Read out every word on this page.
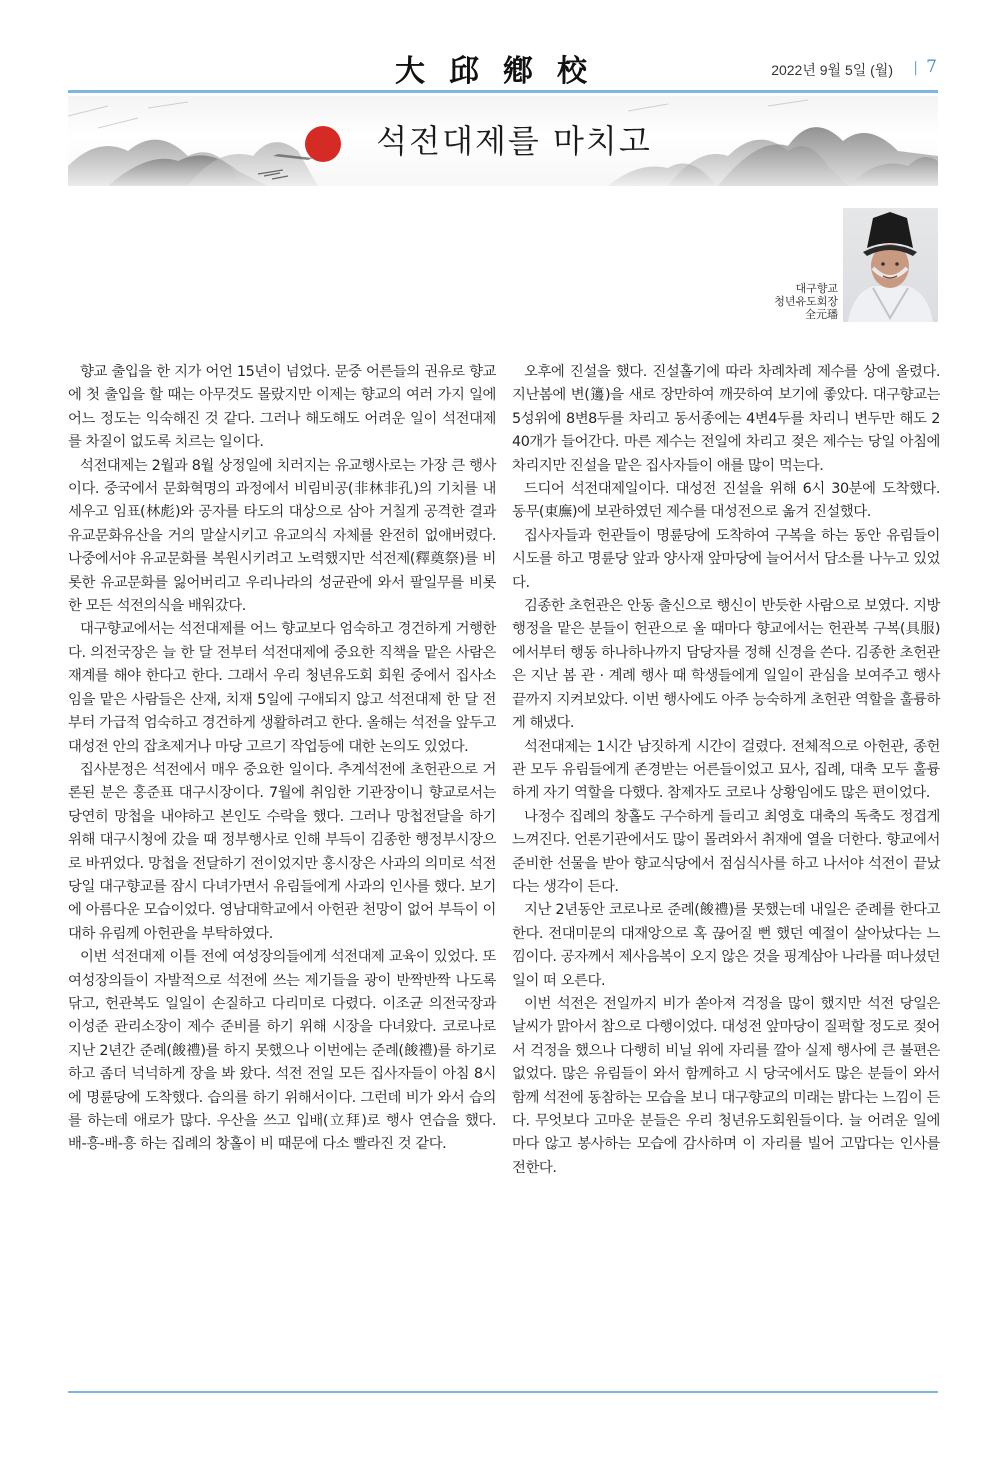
大邱鄕校	2022년 9월 5일 (월) | 7
석전대제를 마치고
대구향교
청년유도회장
全元璠

향교 출입을 한 지가 어언 15년이 넘었다. 문중 어른들의 권유로 향교에 첫 출입을 할 때는 아무것도 몰랐지만 이제는 향교의 여러 가지 일에 어느 정도는 익숙해진 것 같다. 그러나 해도해도 어려운 일이 석전대제를 차질이 없도록 치르는 일이다.

석전대제는 2월과 8월 상정일에 치러지는 유교행사로는 가장 큰 행사이다. 중국에서 문화혁명의 과정에서 비림비공(非林非孔)의 기치를 내세우고 임표(林彪)와 공자를 타도의 대상으로 삼아 거칠게 공격한 결과 유교문화유산을 거의 말살시키고 유교의식 자체를 완전히 없애버렸다. 나중에서야 유교문화를 복원시키려고 노력했지만 석전제(釋奠祭)를 비롯한 유교문화를 잃어버리고 우리나라의 성균관에 와서 팔일무를 비롯한 모든 석전의식을 배워갔다.

대구향교에서는 석전대제를 어느 향교보다 엄숙하고 경건하게 거행한다. 의전국장은 늘 한 달 전부터 석전대제에 중요한 직책을 맡은 사람은 재계를 해야 한다고 한다. 그래서 우리 청년유도회 회원 중에서 집사소임을 맡은 사람들은 산재, 치재 5일에 구애되지 않고 석전대제 한 달 전부터 가급적 엄숙하고 경건하게 생활하려고 한다. 올해는 석전을 앞두고 대성전 안의 잡초제거나 마당 고르기 작업등에 대한 논의도 있었다.

집사분정은 석전에서 매우 중요한 일이다. 추계석전에 초헌관으로 거론된 분은 홍준표 대구시장이다. 7월에 취임한 기관장이니 향교로서는 당연히 망첩을 내야하고 본인도 수락을 했다. 그러나 망첩전달을 하기 위해 대구시청에 갔을 때 정부행사로 인해 부득이 김종한 행정부시장으로 바뀌었다. 망첩을 전달하기 전이었지만 홍시장은 사과의 의미로 석전 당일 대구향교를 잠시 다녀가면서 유림들에게 사과의 인사를 했다. 보기에 아름다운 모습이었다. 영남대학교에서 아헌관 천망이 없어 부득이 이대하 유림께 아헌관을 부탁하였다.

이번 석전대제 이틀 전에 여성장의들에게 석전대제 교육이 있었다. 또 여성장의들이 자발적으로 석전에 쓰는 제기들을 광이 반짝반짝 나도록 닦고, 헌관복도 일일이 손질하고 다리미로 다렸다. 이조균 의전국장과 이성준 관리소장이 제수 준비를 하기 위해 시장을 다녀왔다. 코로나로 지난 2년간 준례(餕禮)를 하지 못했으나 이번에는 준례(餕禮)를 하기로 하고 좀더 넉넉하게 장을 봐 왔다. 석전 전일 모든 집사자들이 아침 8시에 명륜당에 도착했다. 습의를 하기 위해서이다. 그런데 비가 와서 습의를 하는데 애로가 많다. 우산을 쓰고 입배(立拜)로 행사 연습을 했다. 배-흥-배-흥 하는 집례의 창홀이 비 때문에 다소 빨라진 것 같다.

오후에 진설을 했다. 진설홀기에 따라 차례차례 제수를 상에 올렸다. 지난봄에 변(籩)을 새로 장만하여 깨끗하여 보기에 좋았다. 대구향교는 5성위에 8변8두를 차리고 동서종에는 4변4두를 차리니 변두만 해도 240개가 들어간다. 마른 제수는 전일에 차리고 젖은 제수는 당일 아침에 차리지만 진설을 맡은 집사자들이 애를 많이 먹는다.

드디어 석전대제일이다. 대성전 진설을 위해 6시 30분에 도착했다. 동무(東廡)에 보관하였던 제수를 대성전으로 옮겨 진설했다.

집사자들과 헌관들이 명륜당에 도착하여 구복을 하는 동안 유림들이 시도를 하고 명륜당 앞과 양사재 앞마당에 늘어서서 담소를 나누고 있었다.

김종한 초헌관은 안동 출신으로 행신이 반듯한 사람으로 보였다. 지방행정을 맡은 분들이 헌관으로 올 때마다 향교에서는 헌관복 구복(具服)에서부터 행동 하나하나까지 담당자를 정해 신경을 쓴다. 김종한 초헌관은 지난 봄 관 · 계례 행사 때 학생들에게 일일이 관심을 보여주고 행사 끝까지 지켜보았다. 이번 행사에도 아주 능숙하게 초헌관 역할을 훌륭하게 해냈다.

석전대제는 1시간 남짓하게 시간이 걸렸다. 전체적으로 아헌관, 종헌관 모두 유림들에게 존경받는 어른들이었고 묘사, 집례, 대축 모두 훌륭하게 자기 역할을 다했다. 참제자도 코로나 상황임에도 많은 편이었다.

나정수 집례의 창홀도 구수하게 들리고 최영호 대축의 독축도 정겹게 느껴진다. 언론기관에서도 많이 몰려와서 취재에 열을 더한다. 향교에서 준비한 선물을 받아 향교식당에서 점심식사를 하고 나서야 석전이 끝났다는 생각이 든다.

지난 2년동안 코로나로 준례(餕禮)를 못했는데 내일은 준례를 한다고 한다. 전대미문의 대재앙으로 혹 끊어질 뻔 했던 예절이 살아났다는 느낌이다. 공자께서 제사음복이 오지 않은 것을 핑계삼아 나라를 떠나셨던 일이 떠 오른다.

이번 석전은 전일까지 비가 쏟아져 걱정을 많이 했지만 석전 당일은 날씨가 맑아서 참으로 다행이었다. 대성전 앞마당이 질퍽할 정도로 젖어서 걱정을 했으나 다행히 비닐 위에 자리를 깔아 실제 행사에 큰 불편은 없었다. 많은 유림들이 와서 함께하고 시 당국에서도 많은 분들이 와서 함께 석전에 동참하는 모습을 보니 대구향교의 미래는 밝다는 느낌이 든다. 무엇보다 고마운 분들은 우리 청년유도회원들이다. 늘 어려운 일에 마다 않고 봉사하는 모습에 감사하며 이 자리를 빌어 고맙다는 인사를 전한다.
